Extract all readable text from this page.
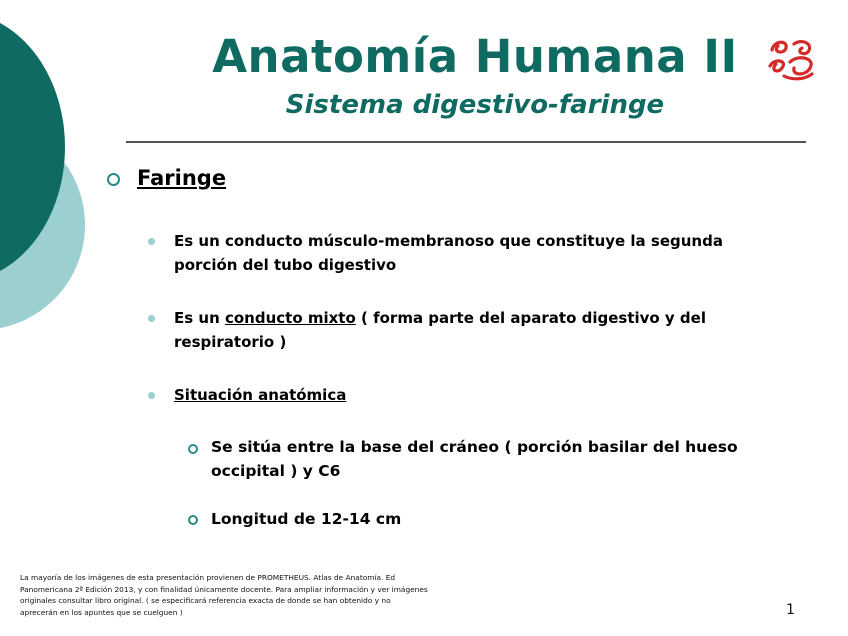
Anatomía Humana II
Sistema digestivo-faringe
Faringe
Es un conducto músculo-membranoso que constituye la segunda porción del tubo digestivo
Es un conducto mixto ( forma parte del aparato digestivo y del respiratorio )
Situación anatómica
Se sitúa entre la base del cráneo ( porción basilar del hueso occipital ) y C6
Longitud de 12-14 cm
La mayoría de los imágenes de esta presentación provienen de PROMETHEUS. Atlas de Anatomía. Ed Panomericana 2ª Edición 2013, y con finalidad únicamente docente. Para ampliar información y ver imágenes originales consultar libro original. ( se especificará referencia exacta de donde se han obtenido y no aprecerán en los apuntes que se cuelguen )	1
